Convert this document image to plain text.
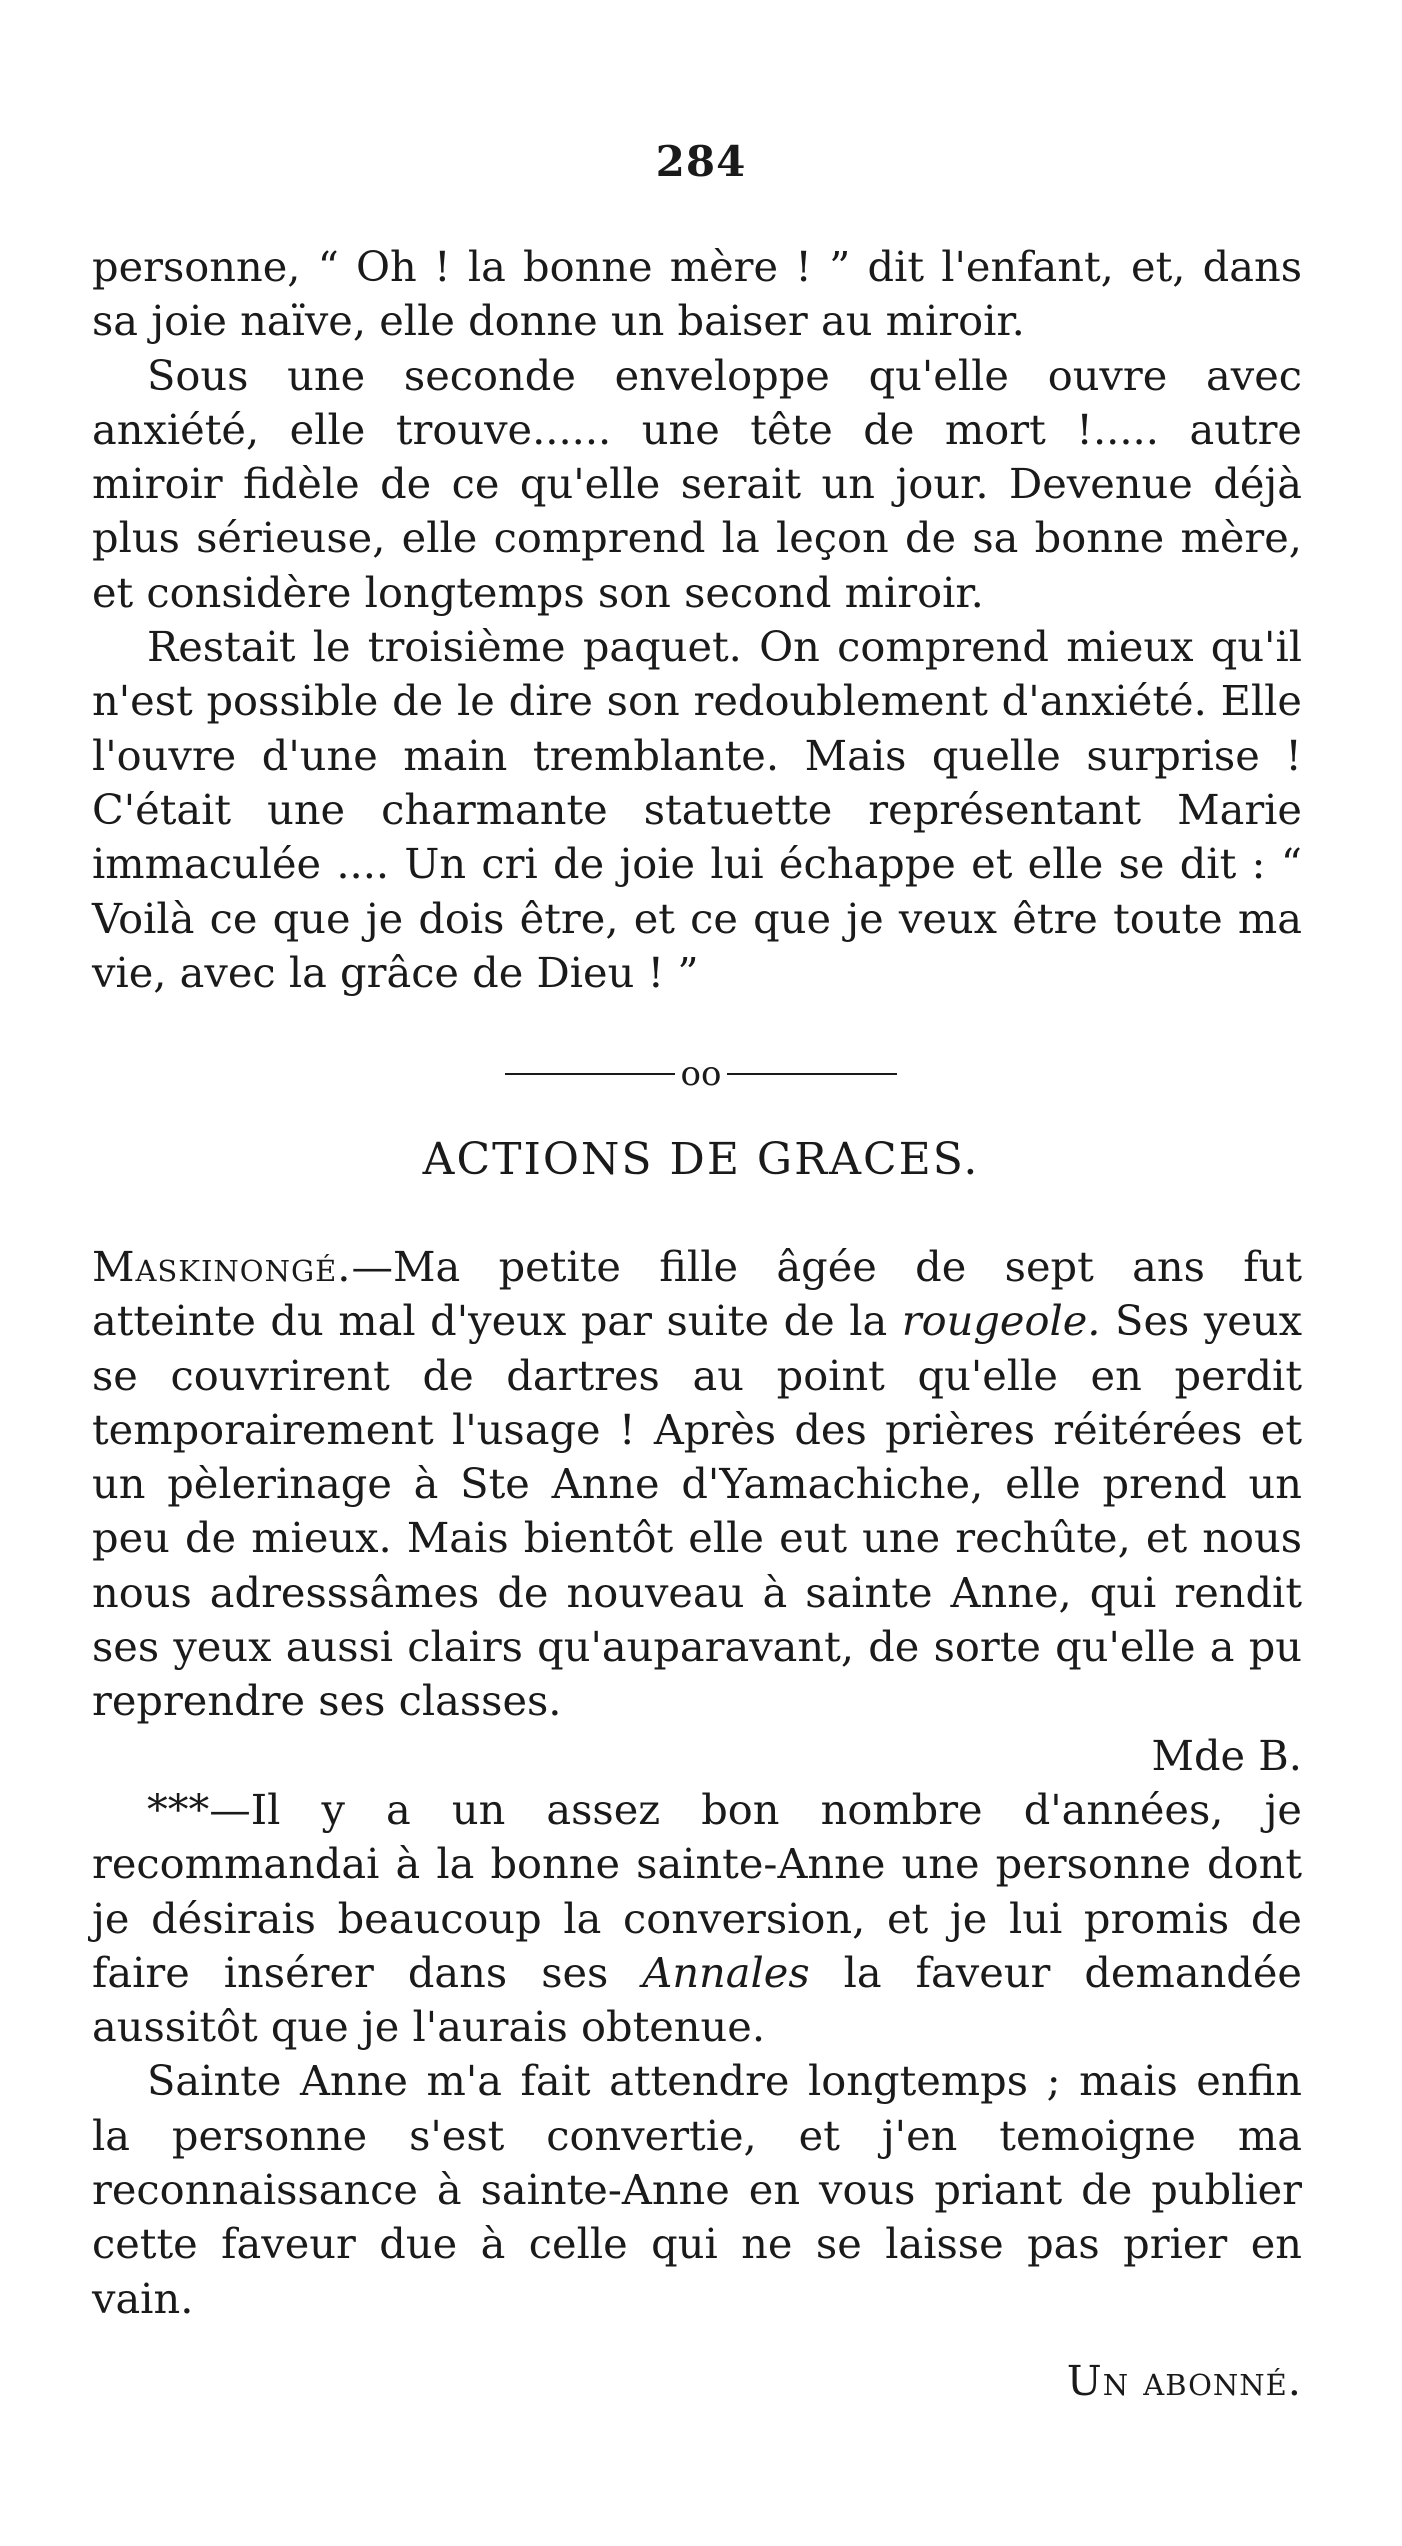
284

personne, “ Oh ! la bonne mère ! ” dit l'enfant, et, dans sa joie naïve, elle donne un baiser au miroir.

Sous une seconde enveloppe qu'elle ouvre avec anxiété, elle trouve...... une tête de mort !..... autre miroir fidèle de ce qu'elle serait un jour. Devenue déjà plus sérieuse, elle comprend la leçon de sa bonne mère, et considère longtemps son second miroir.

Restait le troisième paquet. On comprend mieux qu'il n'est possible de le dire son redoublement d'anxiété. Elle l'ouvre d'une main tremblante. Mais quelle surprise ! C'était une charmante statuette représentant Marie immaculée .... Un cri de joie lui échappe et elle se dit : “ Voilà ce que je dois être, et ce que je veux être toute ma vie, avec la grâce de Dieu ! ”

oo
ACTIONS DE GRACES.

Maskinongé.—Ma petite fille âgée de sept ans fut atteinte du mal d'yeux par suite de la rougeole. Ses yeux se couvrirent de dartres au point qu'elle en perdit temporairement l'usage ! Après des prières réitérées et un pèlerinage à Ste Anne d'Yamachiche, elle prend un peu de mieux. Mais bientôt elle eut une rechûte, et nous nous adresssâmes de nouveau à sainte Anne, qui rendit ses yeux aussi clairs qu'auparavant, de sorte qu'elle a pu reprendre ses classes.

Mde B.

***—Il y a un assez bon nombre d'années, je recommandai à la bonne sainte-Anne une personne dont je désirais beaucoup la conversion, et je lui promis de faire insérer dans ses Annales la faveur demandée aussitôt que je l'aurais obtenue.

Sainte Anne m'a fait attendre longtemps ; mais enfin la personne s'est convertie, et j'en temoigne ma reconnaissance à sainte-Anne en vous priant de publier cette faveur due à celle qui ne se laisse pas prier en vain.

Un abonné.
